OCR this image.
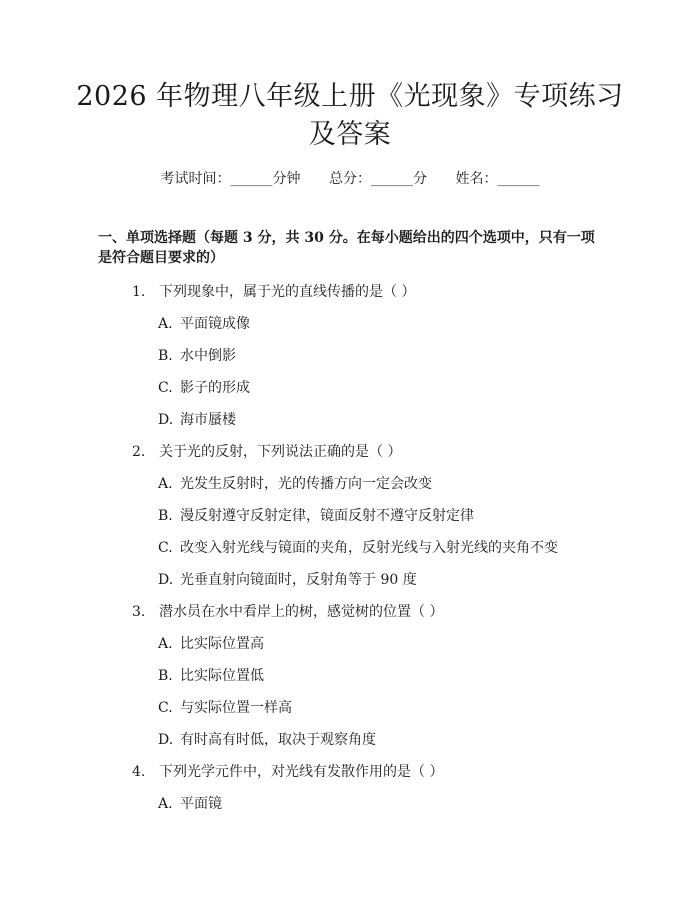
2026 年物理八年级上册《光现象》专项练习
及答案
考试时间：______分钟 总分：______分 姓名：______
一、单项选择题（每题 3 分，共 30 分。在每小题给出的四个选项中，只有一项是符合题目要求的）
1. 下列现象中，属于光的直线传播的是（ ）
A. 平面镜成像
B. 水中倒影
C. 影子的形成
D. 海市蜃楼
2. 关于光的反射，下列说法正确的是（ ）
A. 光发生反射时，光的传播方向一定会改变
B. 漫反射遵守反射定律，镜面反射不遵守反射定律
C. 改变入射光线与镜面的夹角，反射光线与入射光线的夹角不变
D. 光垂直射向镜面时，反射角等于 90 度
3. 潜水员在水中看岸上的树，感觉树的位置（ ）
A. 比实际位置高
B. 比实际位置低
C. 与实际位置一样高
D. 有时高有时低，取决于观察角度
4. 下列光学元件中，对光线有发散作用的是（ ）
A. 平面镜
